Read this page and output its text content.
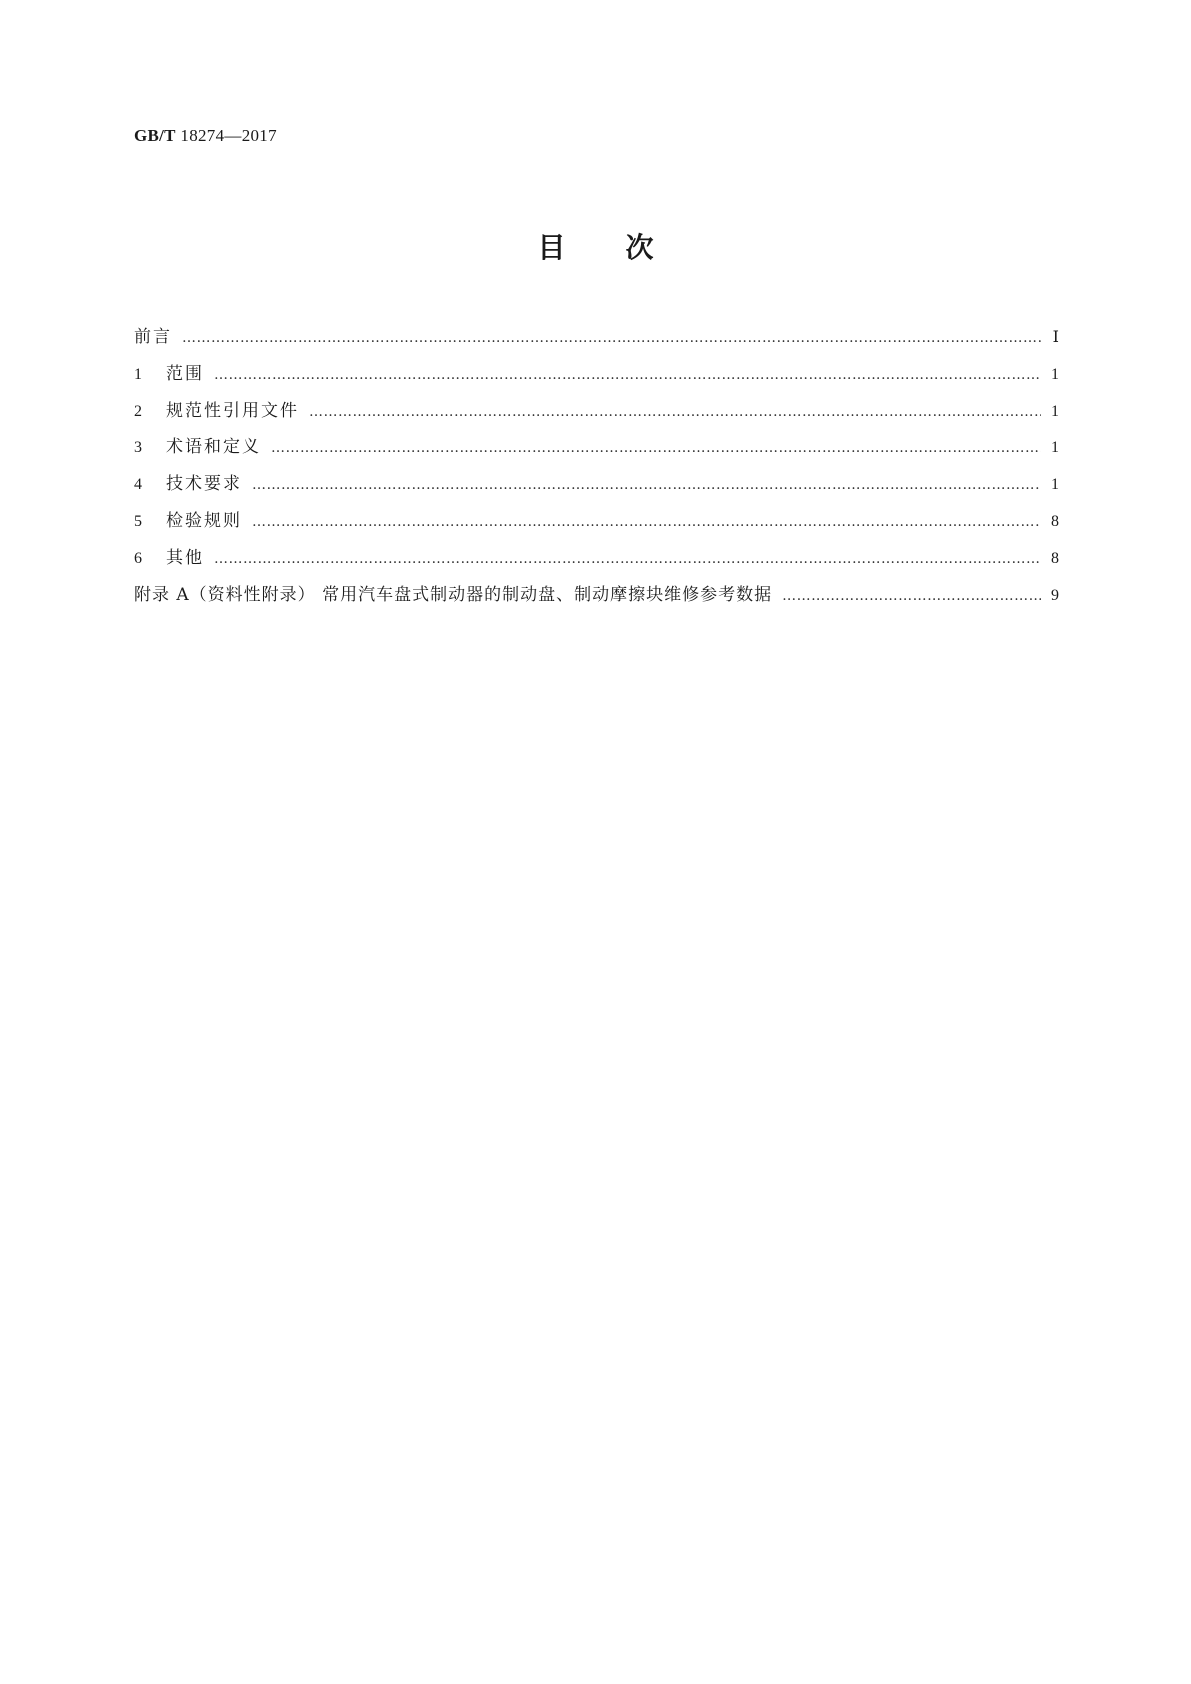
GB/T 18274—2017
目次
前言 …………………………………………………………………………………………………………………………………………………………………………………………………………………………………………………………………………	Ⅰ
1	范围 …………………………………………………………………………………………………………………………………………………………………………………………………………………………………………………………………………	1
2	规范性引用文件 …………………………………………………………………………………………………………………………………………………………………………………………………………………………………………………………………………	1
3	术语和定义 …………………………………………………………………………………………………………………………………………………………………………………………………………………………………………………………………………	1
4	技术要求 …………………………………………………………………………………………………………………………………………………………………………………………………………………………………………………………………………	1
5	检验规则 …………………………………………………………………………………………………………………………………………………………………………………………………………………………………………………………………………	8
6	其他 …………………………………………………………………………………………………………………………………………………………………………………………………………………………………………………………………………	8
附录 A（资料性附录） 常用汽车盘式制动器的制动盘、制动摩擦块维修参考数据 …………………………………………………………………………………………………………………………………………………………………………………………………………………………………………………………………………	9
